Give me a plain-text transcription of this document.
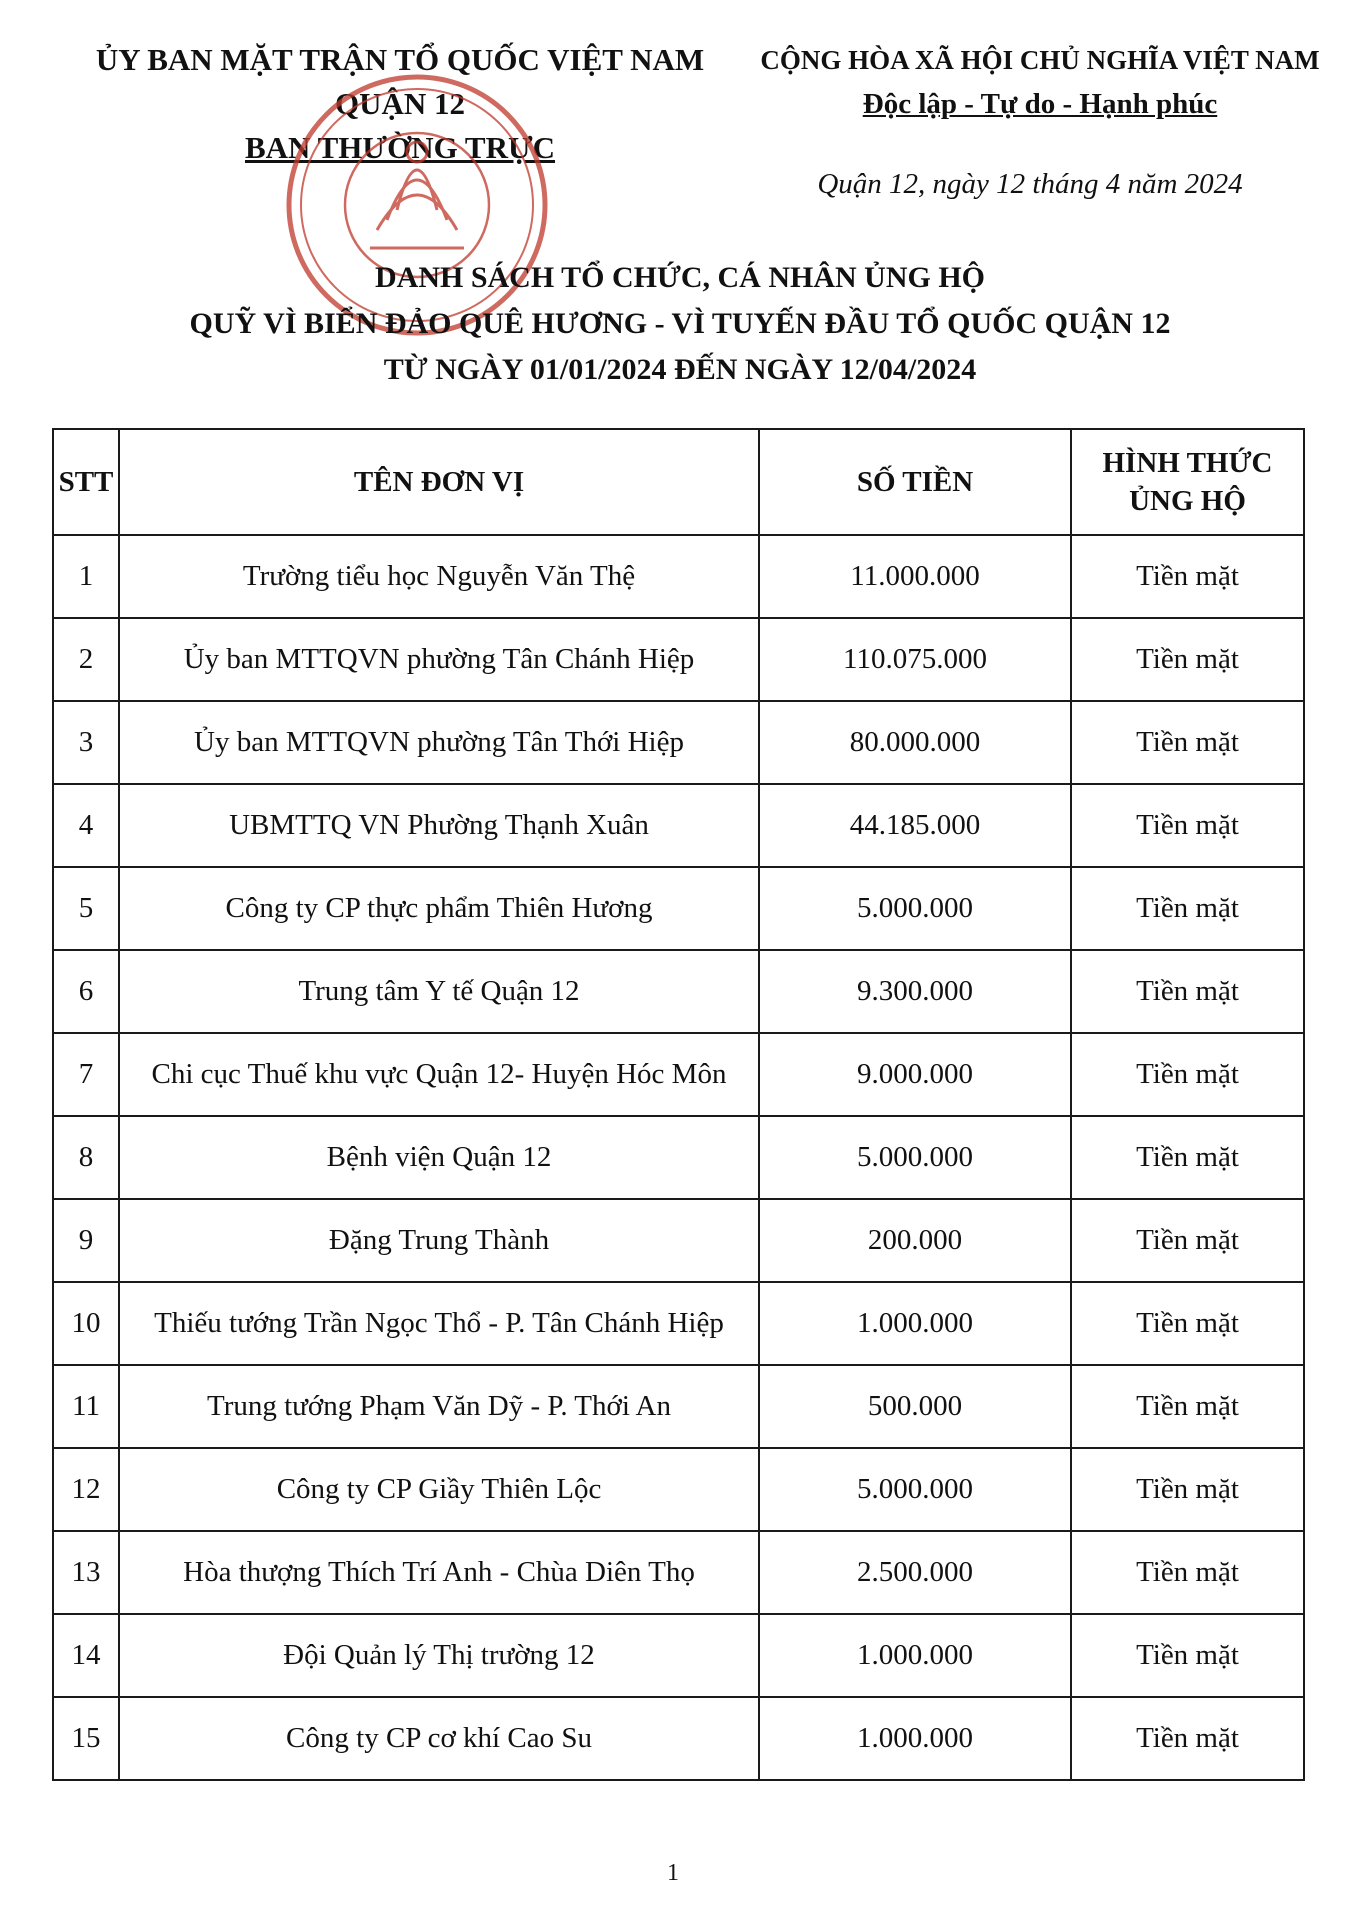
ỦY BAN MẶT TRẬN TỔ QUỐC VIỆT NAM
QUẬN 12
BAN THƯỜNG TRỰC
CỘNG HÒA XÃ HỘI CHỦ NGHĨA VIỆT NAM
Độc lập - Tự do - Hạnh phúc
Quận 12, ngày 12 tháng 4 năm 2024
DANH SÁCH TỔ CHỨC, CÁ NHÂN ỦNG HỘ
QUỸ VÌ BIỂN ĐẢO QUÊ HƯƠNG - VÌ TUYẾN ĐẦU TỔ QUỐC QUẬN 12
TỪ NGÀY 01/01/2024 ĐẾN NGÀY 12/04/2024
STT	TÊN ĐƠN VỊ	SỐ TIỀN	HÌNH THỨC
ỦNG HỘ

1	Trường tiểu học Nguyễn Văn Thệ	11.000.000	Tiền mặt
2	Ủy ban MTTQVN phường Tân Chánh Hiệp	110.075.000	Tiền mặt
3	Ủy ban MTTQVN phường Tân Thới Hiệp	80.000.000	Tiền mặt
4	UBMTTQ VN Phường Thạnh Xuân	44.185.000	Tiền mặt
5	Công ty CP thực phẩm Thiên Hương	5.000.000	Tiền mặt
6	Trung tâm Y tế Quận 12	9.300.000	Tiền mặt
7	Chi cục Thuế khu vực Quận 12- Huyện Hóc Môn	9.000.000	Tiền mặt
8	Bệnh viện Quận 12	5.000.000	Tiền mặt
9	Đặng Trung Thành	200.000	Tiền mặt
10	Thiếu tướng Trần Ngọc Thổ - P. Tân Chánh Hiệp	1.000.000	Tiền mặt
11	Trung tướng Phạm Văn Dỹ - P. Thới An	500.000	Tiền mặt
12	Công ty CP Giầy Thiên Lộc	5.000.000	Tiền mặt
13	Hòa thượng Thích Trí Anh - Chùa Diên Thọ	2.500.000	Tiền mặt
14	Đội Quản lý Thị trường 12	1.000.000	Tiền mặt
15	Công ty CP cơ khí Cao Su	1.000.000	Tiền mặt
1
